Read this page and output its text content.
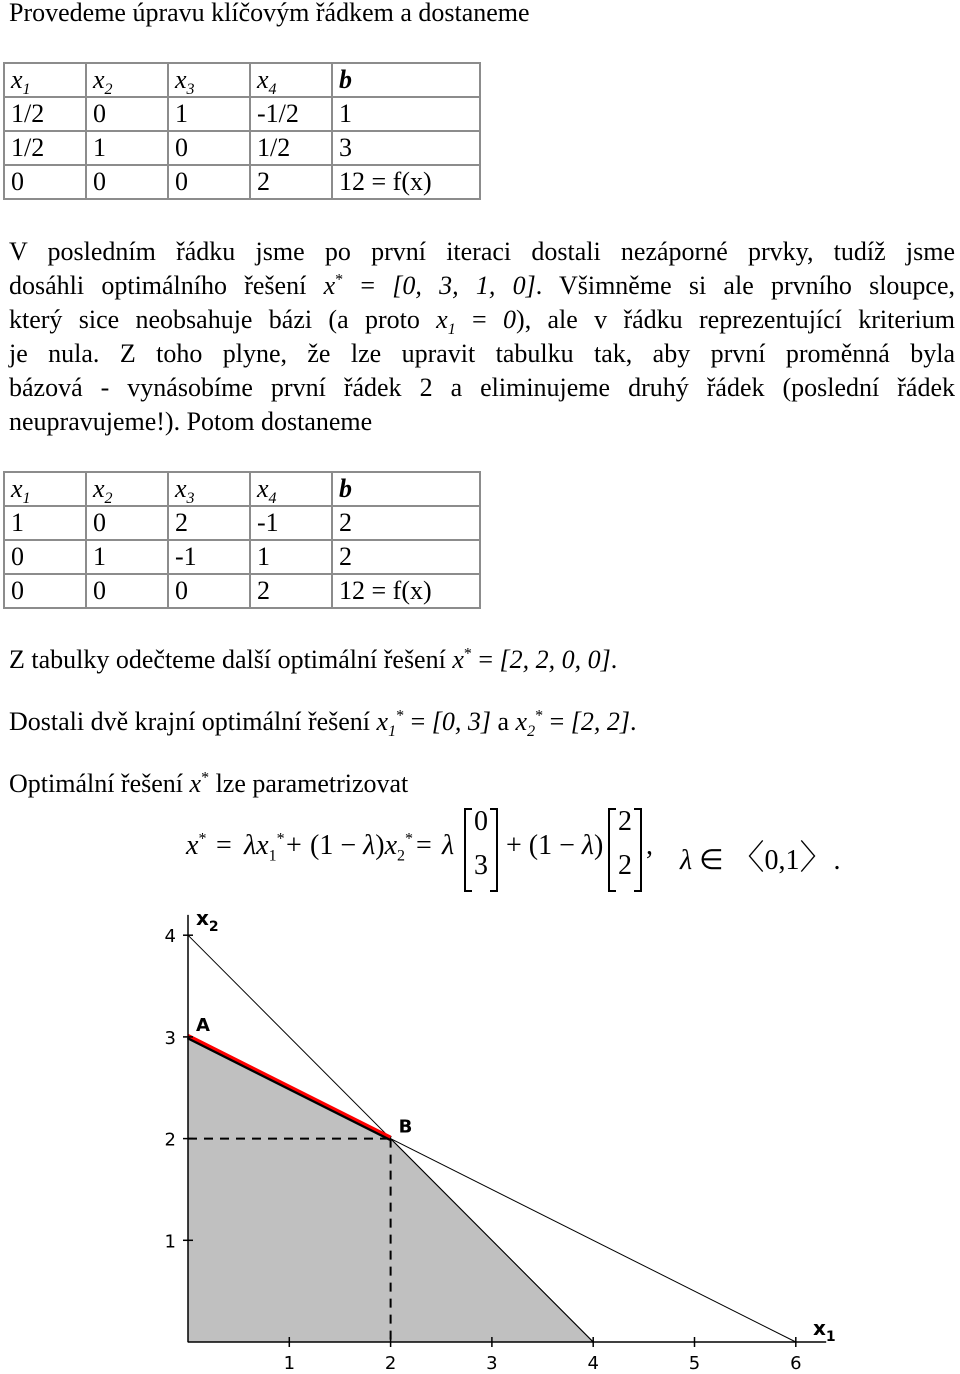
Provedeme úpravu klíčovým řádkem a dostaneme
$x_1$	$x_2$	$x_3$	$x_4$	b
1/2	0	1	-1/2	1
1/2	1	0	1/2	3
0	0	0	2	12 = f(x)
V posledním řádku jsme po první iteraci dostali nezáporné prvky, tudíž jsme
dosáhli optimálního řešení x* = [0, 3, 1, 0]. Všimněme si ale prvního sloupce,
který sice neobsahuje bázi (a proto $x_1 = 0$), ale v řádku reprezentující kriterium
je nula. Z toho plyne, že lze upravit tabulku tak, aby první proměnná byla
bázová - vynásobíme první řádek 2 a eliminujeme druhý řádek (poslední řádek
neupravujeme!). Potom dostaneme
$x_1$	$x_2$	$x_3$	$x_4$	b
1	0	2	-1	2
0	1	-1	1	2
0	0	0	2	12 = f(x)
Z tabulky odečteme další optimální řešení x* = [2, 2, 0, 0].
Dostali dvě krajní optimální řešení $x_1^* = [0$, 3] a $x_2^* = [2$, 2].
Optimální řešení x* lze parametrizovat
$x^* = \lambda x_1^* + (1 - \lambda)x_2^* = \lambda$
0
3
+ (1 − λ)
2
2
, λ ∈ 〈0,1〉.
1	2	3	4	5	6
1
2
3
4
A
B
$x_1$
$x_2$
